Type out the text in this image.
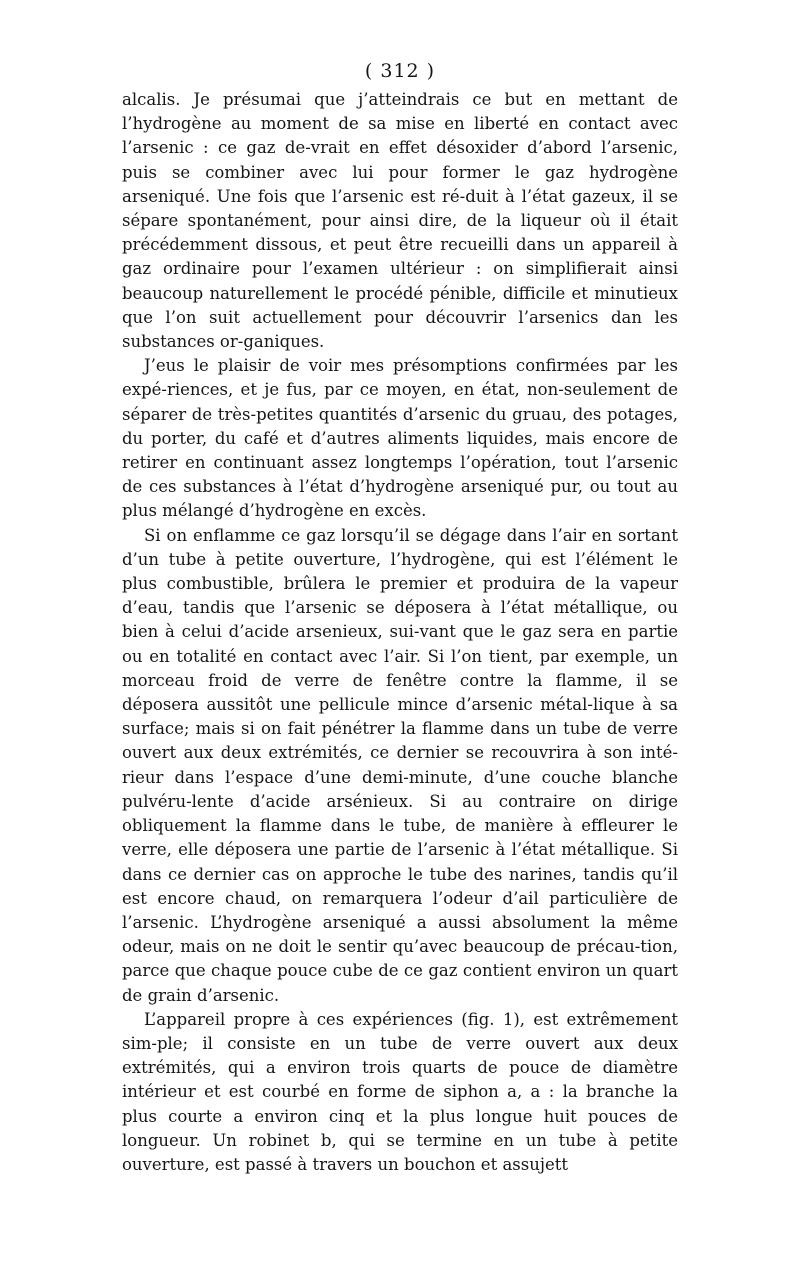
( 312 )

alcalis. Je présumai que j’atteindrais ce but en mettant de l’hydrogène au moment de sa mise en liberté en contact avec l’arsenic : ce gaz de-vrait en effet désoxider d’abord l’arsenic, puis se combiner avec lui pour former le gaz hydrogène arseniqué. Une fois que l’arsenic est ré-duit à l’état gazeux, il se sépare spontanément, pour ainsi dire, de la liqueur où il était précédemment dissous, et peut être recueilli dans un appareil à gaz ordinaire pour l’examen ultérieur : on simplifierait ainsi beaucoup naturellement le procédé pénible, difficile et minutieux que l’on suit actuellement pour découvrir l’arsenics dan les substances or-ganiques.

J’eus le plaisir de voir mes présomptions confirmées par les expé-riences, et je fus, par ce moyen, en état, non-seulement de séparer de très-petites quantités d’arsenic du gruau, des potages, du porter, du café et d’autres aliments liquides, mais encore de retirer en continuant assez longtemps l’opération, tout l’arsenic de ces substances à l’état d’hydrogène arseniqué pur, ou tout au plus mélangé d’hydrogène en excès.

Si on enflamme ce gaz lorsqu’il se dégage dans l’air en sortant d’un tube à petite ouverture, l’hydrogène, qui est l’élément le plus combustible, brûlera le premier et produira de la vapeur d’eau, tandis que l’arsenic se déposera à l’état métallique, ou bien à celui d’acide arsenieux, sui-vant que le gaz sera en partie ou en totalité en contact avec l’air. Si l’on tient, par exemple, un morceau froid de verre de fenêtre contre la flamme, il se déposera aussitôt une pellicule mince d’arsenic métal-lique à sa surface; mais si on fait pénétrer la flamme dans un tube de verre ouvert aux deux extrémités, ce dernier se recouvrira à son inté-rieur dans l’espace d’une demi-minute, d’une couche blanche pulvéru-lente d’acide arsénieux. Si au contraire on dirige obliquement la flamme dans le tube, de manière à effleurer le verre, elle déposera une partie de l’arsenic à l’état métallique. Si dans ce dernier cas on approche le tube des narines, tandis qu’il est encore chaud, on remarquera l’odeur d’ail particulière de l’arsenic. L’hydrogène arseniqué a aussi absolument la même odeur, mais on ne doit le sentir qu’avec beaucoup de précau-tion, parce que chaque pouce cube de ce gaz contient environ un quart de grain d’arsenic.

L’appareil propre à ces expériences (fig. 1), est extrêmement sim-ple; il consiste en un tube de verre ouvert aux deux extrémités, qui a environ trois quarts de pouce de diamètre intérieur et est courbé en forme de siphon a, a : la branche la plus courte a environ cinq et la plus longue huit pouces de longueur. Un robinet b, qui se termine en un tube à petite ouverture, est passé à travers un bouchon et assujett
